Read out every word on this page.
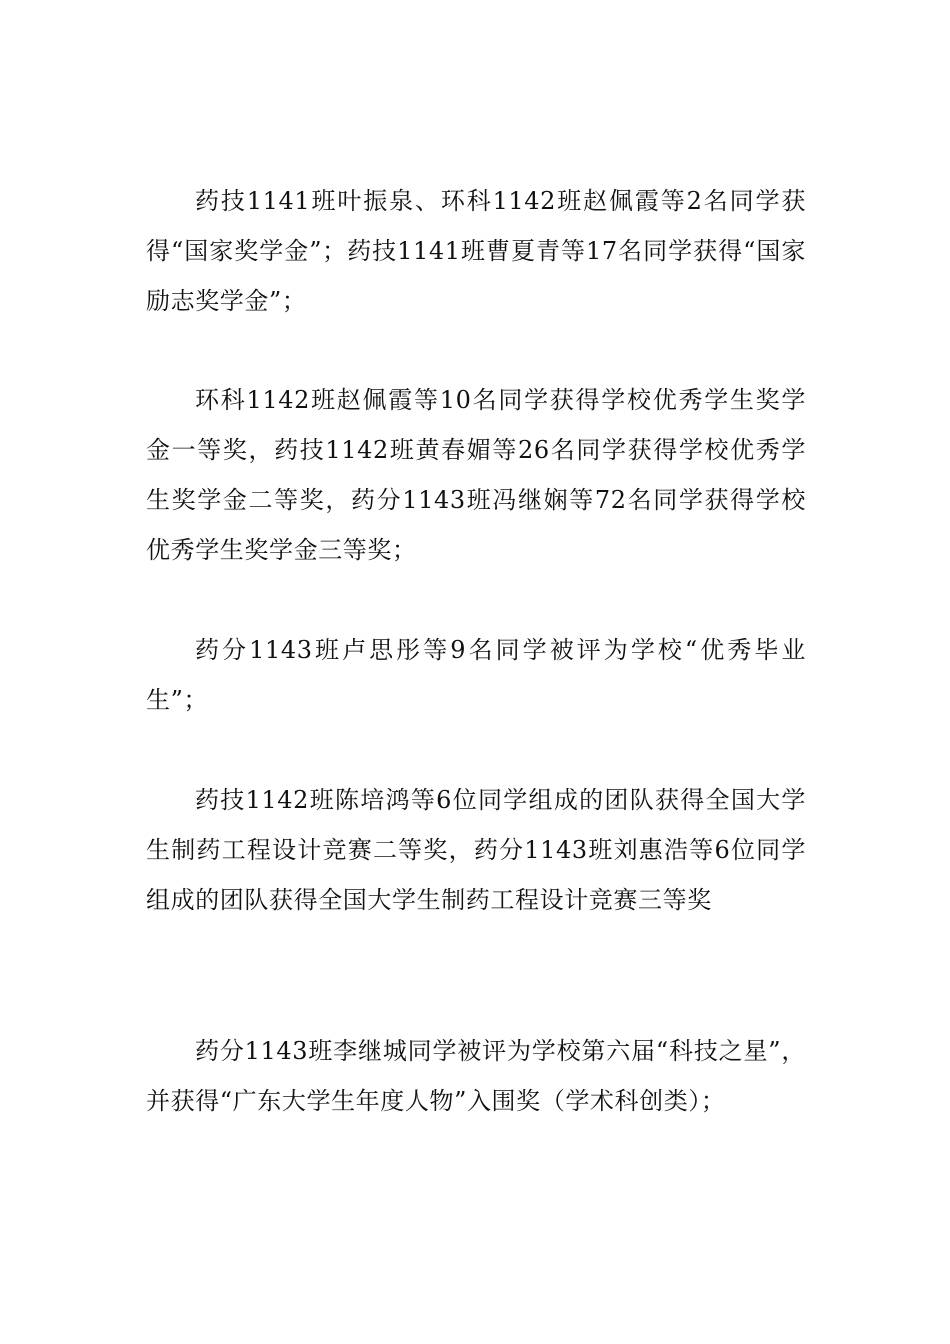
药技1141班叶振泉、环科1142班赵佩霞等2名同学获得“国家奖学金”；药技1141班曹夏青等17名同学获得“国家励志奖学金”；

环科1142班赵佩霞等10名同学获得学校优秀学生奖学金一等奖，药技1142班黄春媚等26名同学获得学校优秀学生奖学金二等奖，药分1143班冯继娴等72名同学获得学校优秀学生奖学金三等奖；

药分1143班卢思彤等9名同学被评为学校“优秀毕业生”；

药技1142班陈培鸿等6位同学组成的团队获得全国大学生制药工程设计竞赛二等奖，药分1143班刘惠浩等6位同学组成的团队获得全国大学生制药工程设计竞赛三等奖

药分1143班李继城同学被评为学校第六届“科技之星”，并获得“广东大学生年度人物”入围奖（学术科创类）；
